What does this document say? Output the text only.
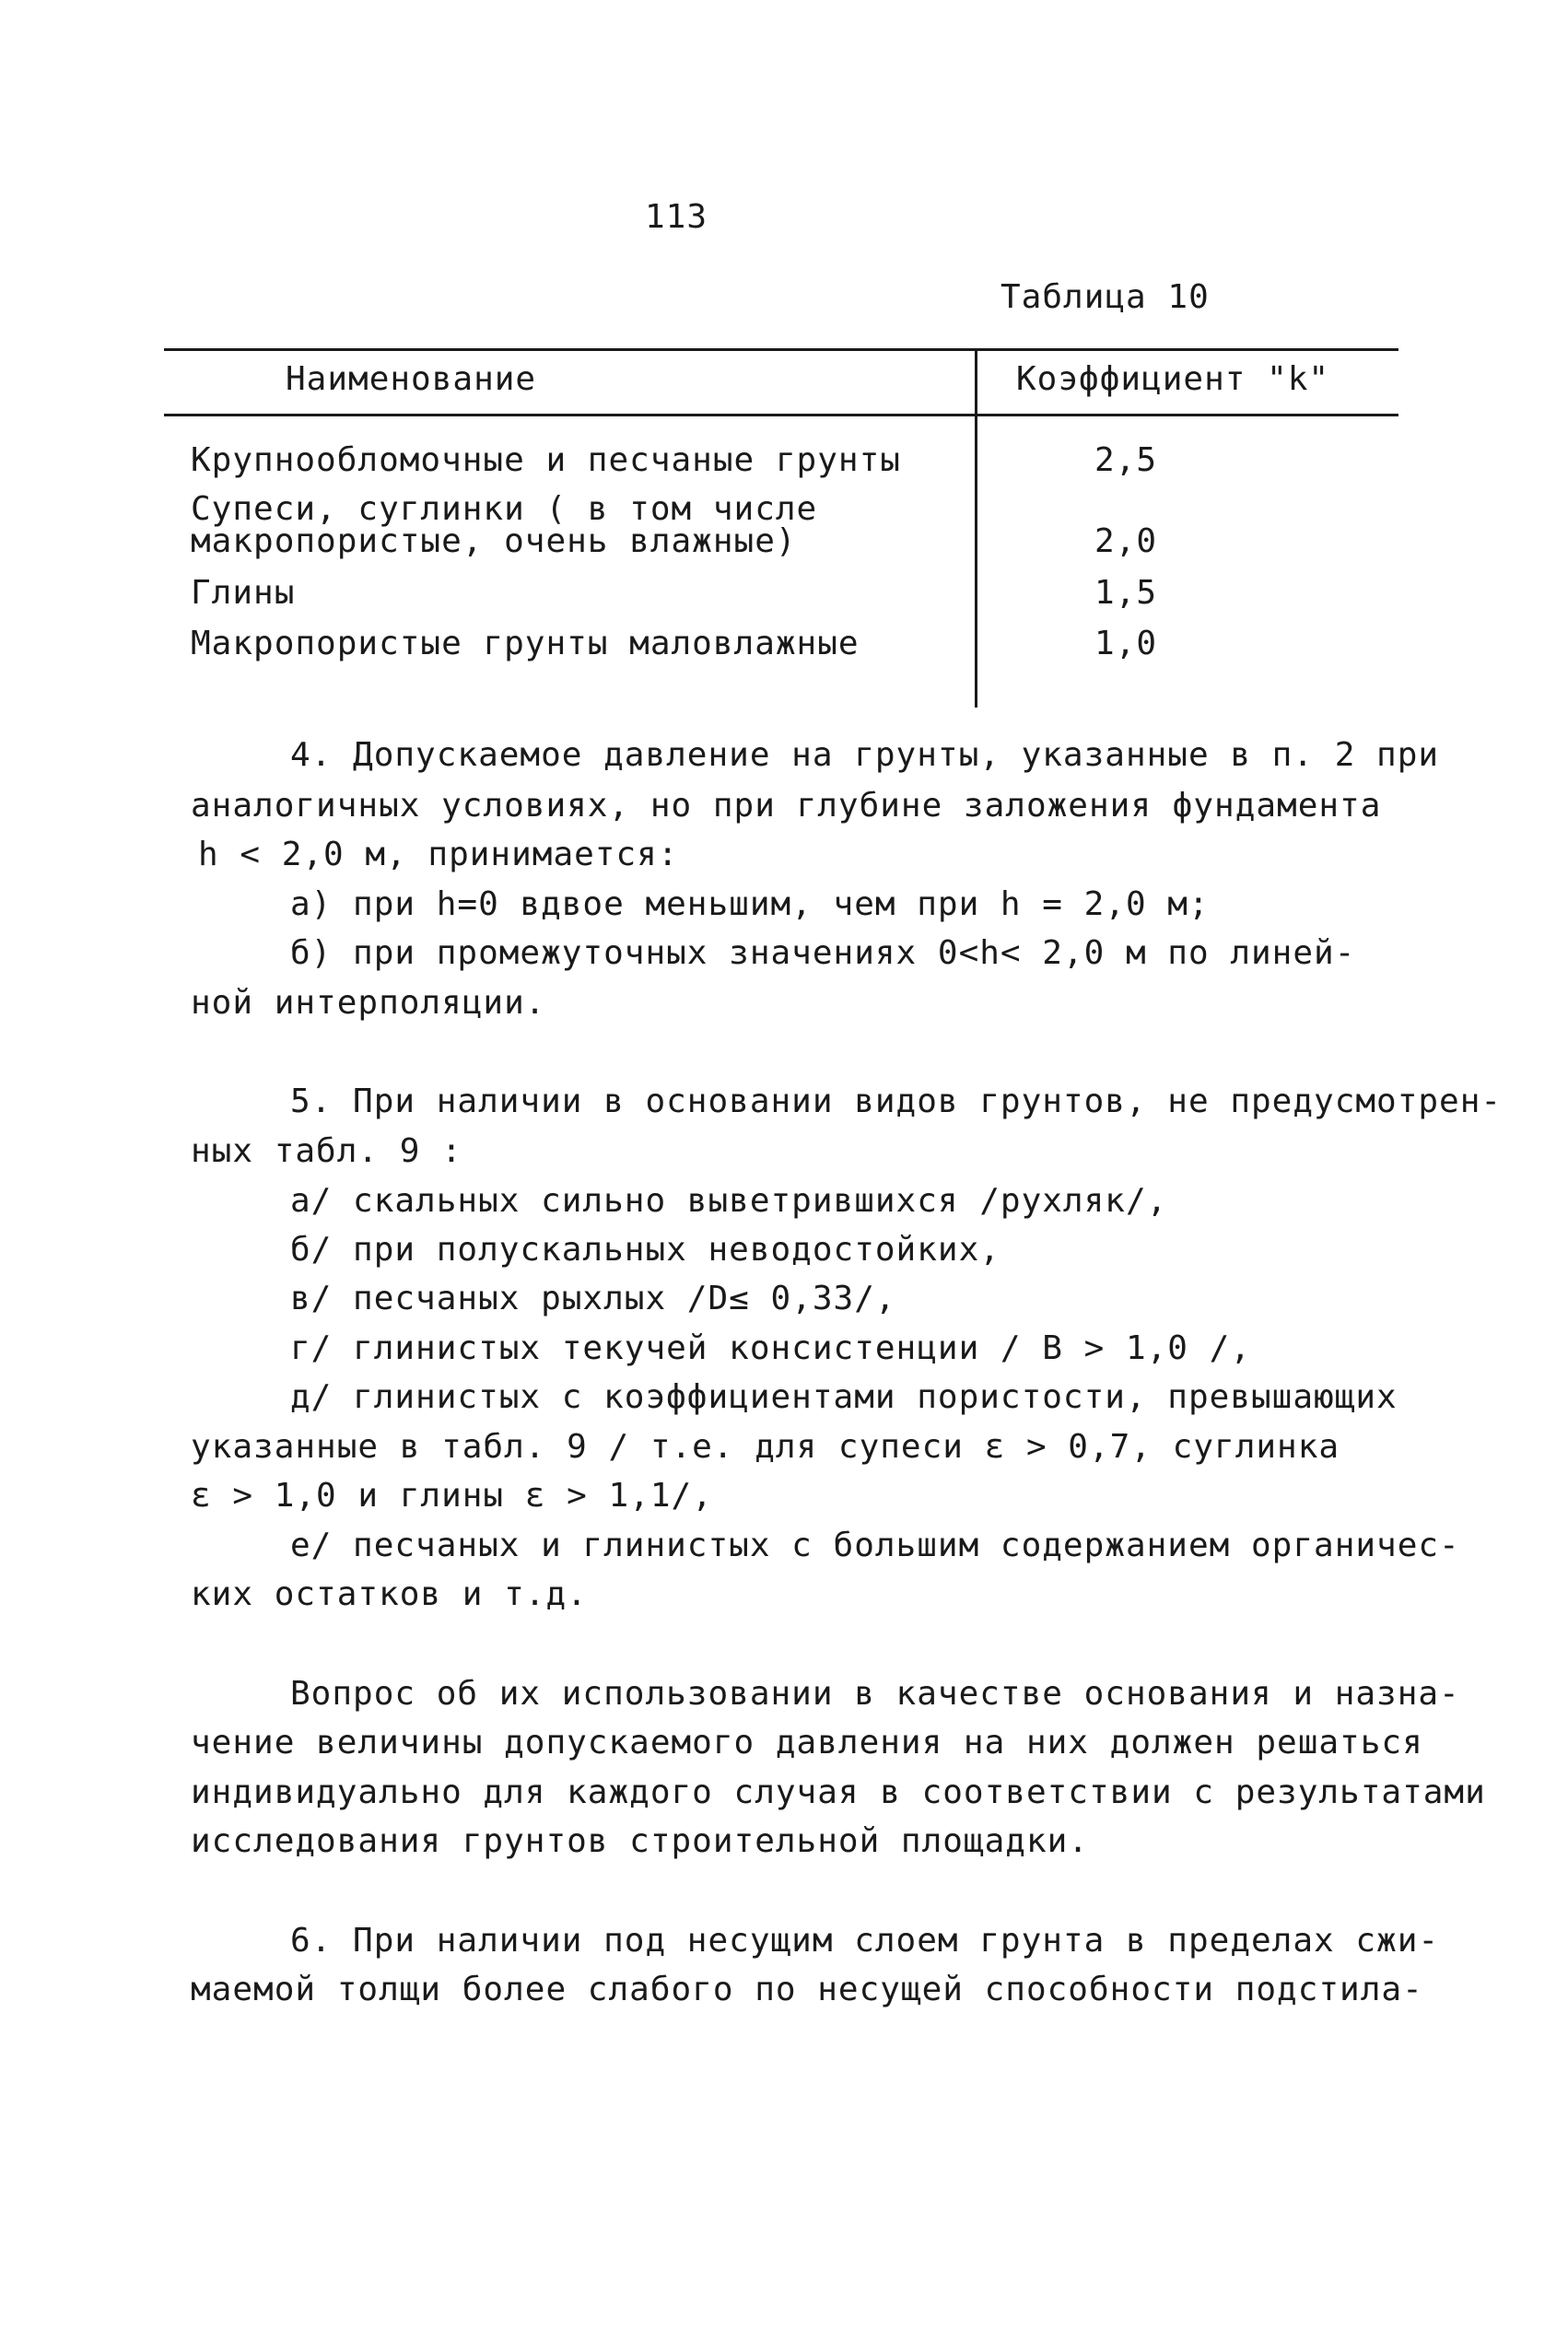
113
Таблица 10
Наименование	Коэффициент "k"
Крупнообломочные и песчаные грунты	2,5
Супеси, суглинки ( в том числе
макропористые, очень влажные)	2,0
Глины	1,5
Макропористые грунты маловлажные	1,0
4. Допускаемое давление на грунты, указанные в п. 2 при
аналогичных условиях, но при глубине заложения фундамента
h < 2,0 м, принимается:
а) при h=0 вдвое меньшим, чем при h = 2,0 м;
б) при промежуточных значениях 0<h< 2,0 м по линей-
ной интерполяции.
5. При наличии в основании видов грунтов, не предусмотрен-
ных табл. 9 :
а/ скальных сильно выветрившихся /рухляк/,
б/ при полускальных неводостойких,
в/ песчаных рыхлых /D≤ 0,33/,
г/ глинистых текучей консистенции / B > 1,0 /,
д/ глинистых с коэффициентами пористости, превышающих
указанные в табл. 9 / т.е. для супеси ε > 0,7, суглинка
ε > 1,0 и глины ε > 1,1/,
е/ песчаных и глинистых с большим содержанием органичес-
ких остатков и т.д.
Вопрос об их использовании в качестве основания и назна-
чение величины допускаемого давления на них должен решаться
индивидуально для каждого случая в соответствии с результатами
исследования грунтов строительной площадки.
6. При наличии под несущим слоем грунта в пределах сжи-
маемой толщи более слабого по несущей способности подстила-
